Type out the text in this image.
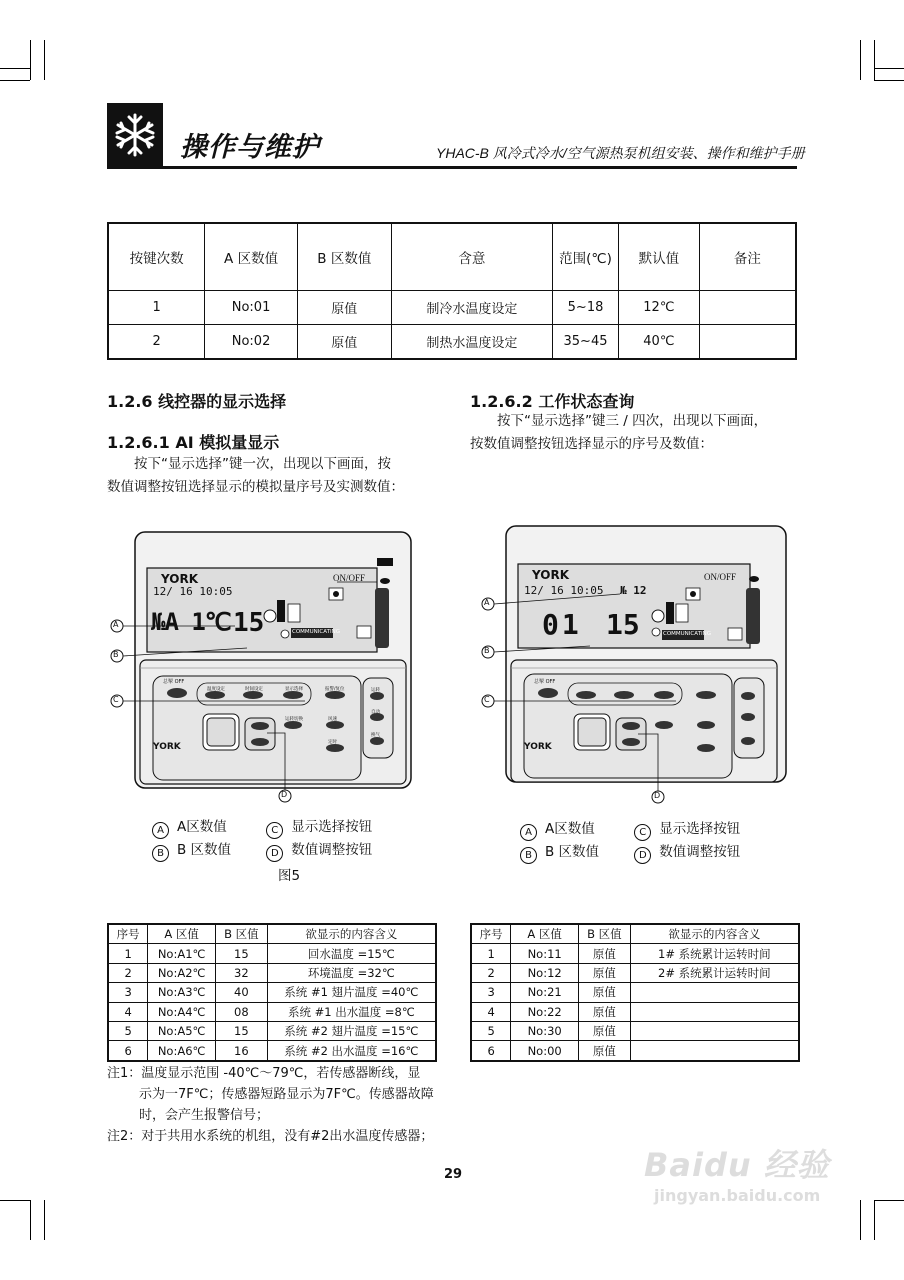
操作与维护	YHAC-B 风冷式冷水/空气源热泵机组安装、操作和维护手册
按键次数	A 区数值	B 区数值	含意	范围(℃)	默认值	备注
1	No:01	原值	制冷水温度设定	5~18	12℃	
2	No:02	原值	制热水温度设定	35~45	40℃	
1.2.6 线控器的显示选择
1.2.6.1 AI 模拟量显示
按下“显示选择”键一次，出现以下画面，按
数值调整按钮选择显示的模拟量序号及实测数值：
1.2.6.2 工作状态查询
按下“显示选择”键三 / 四次，出现以下画面，
按数值调整按钮选择显示的序号及数值：
YORK	ON/OFF
12/ 16 10:05
№A 1℃ 15	COMMUNICATING
A
B
C
D
总掣 OFF
YORK
温度设定	时间设定	显示选择	报警/复位
运转切换	风速
定时
运转
自动
换气
YORK	ON/OFF
12/ 16 10:05 № 12
01 15	COMMUNICATING
A
B
C
D
YORK
总掣 OFF
A A区数值	C 显示选择按钮
B B 区数值	D 数值调整按钮
A A区数值	C 显示选择按钮
B B 区数值	D 数值调整按钮
图5
序号	A 区值	B 区值	欲显示的内容含义
1	No:A1℃	15	回水温度 =15℃
2	No:A2℃	32	环境温度 =32℃
3	No:A3℃	40	系统 #1 翅片温度 =40℃
4	No:A4℃	08	系统 #1 出水温度 =8℃
5	No:A5℃	15	系统 #2 翅片温度 =15℃
6	No:A6℃	16	系统 #2 出水温度 =16℃
序号	A 区值	B 区值	欲显示的内容含义
1	No:11	原值	1# 系统累计运转时间
2	No:12	原值	2# 系统累计运转时间
3	No:21	原值	
4	No:22	原值	
5	No:30	原值	
6	No:00	原值	
注1：温度显示范围 -40℃～79℃，若传感器断线，显
示为一7F℃；传感器短路显示为7F℃。传感器故障
时，会产生报警信号；
注2：对于共用水系统的机组，没有#2出水温度传感器；
29	Baidu 经验
jingyan.baidu.com
